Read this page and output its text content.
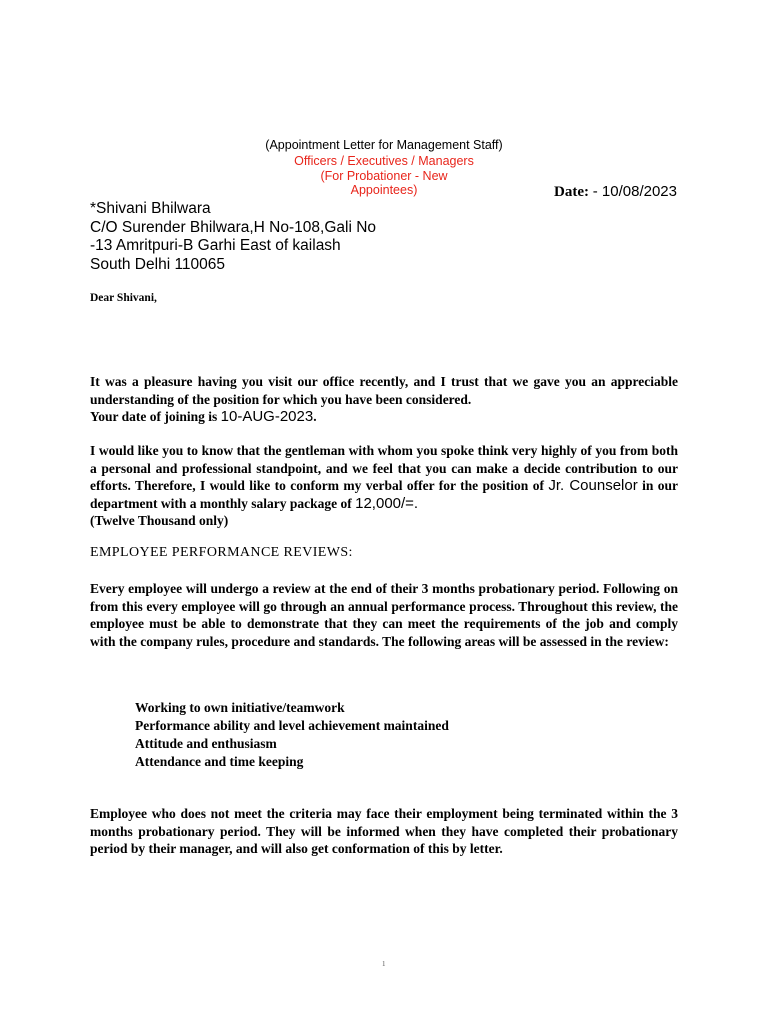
(Appointment Letter for Management Staff)
Officers / Executives / Managers
(For Probationer - New
Appointees)	Date: - 10/08/2023
*Shivani Bhilwara
C/O Surender Bhilwara,H No-108,Gali No
-13 Amritpuri-B Garhi East of kailash
South Delhi 110065
Dear Shivani,
It was a pleasure having you visit our office recently, and I trust that we gave you an appreciable understanding of the position for which you have been considered.
Your date of joining is 10-AUG-2023.
I would like you to know that the gentleman with whom you spoke think very highly of you from both a personal and professional standpoint, and we feel that you can make a decide contribution to our efforts. Therefore, I would like to conform my verbal offer for the position of Jr. Counselor in our department with a monthly salary package of 12,000/=.
(Twelve Thousand only)
EMPLOYEE PERFORMANCE REVIEWS:
Every employee will undergo a review at the end of their 3 months probationary period. Following on from this every employee will go through an annual performance process. Throughout this review, the employee must be able to demonstrate that they can meet the requirements of the job and comply with the company rules, procedure and standards. The following areas will be assessed in the review:
Working to own initiative/teamwork
Performance ability and level achievement maintained
Attitude and enthusiasm
Attendance and time keeping
Employee who does not meet the criteria may face their employment being terminated within the 3 months probationary period. They will be informed when they have completed their probationary period by their manager, and will also get conformation of this by letter.
1
